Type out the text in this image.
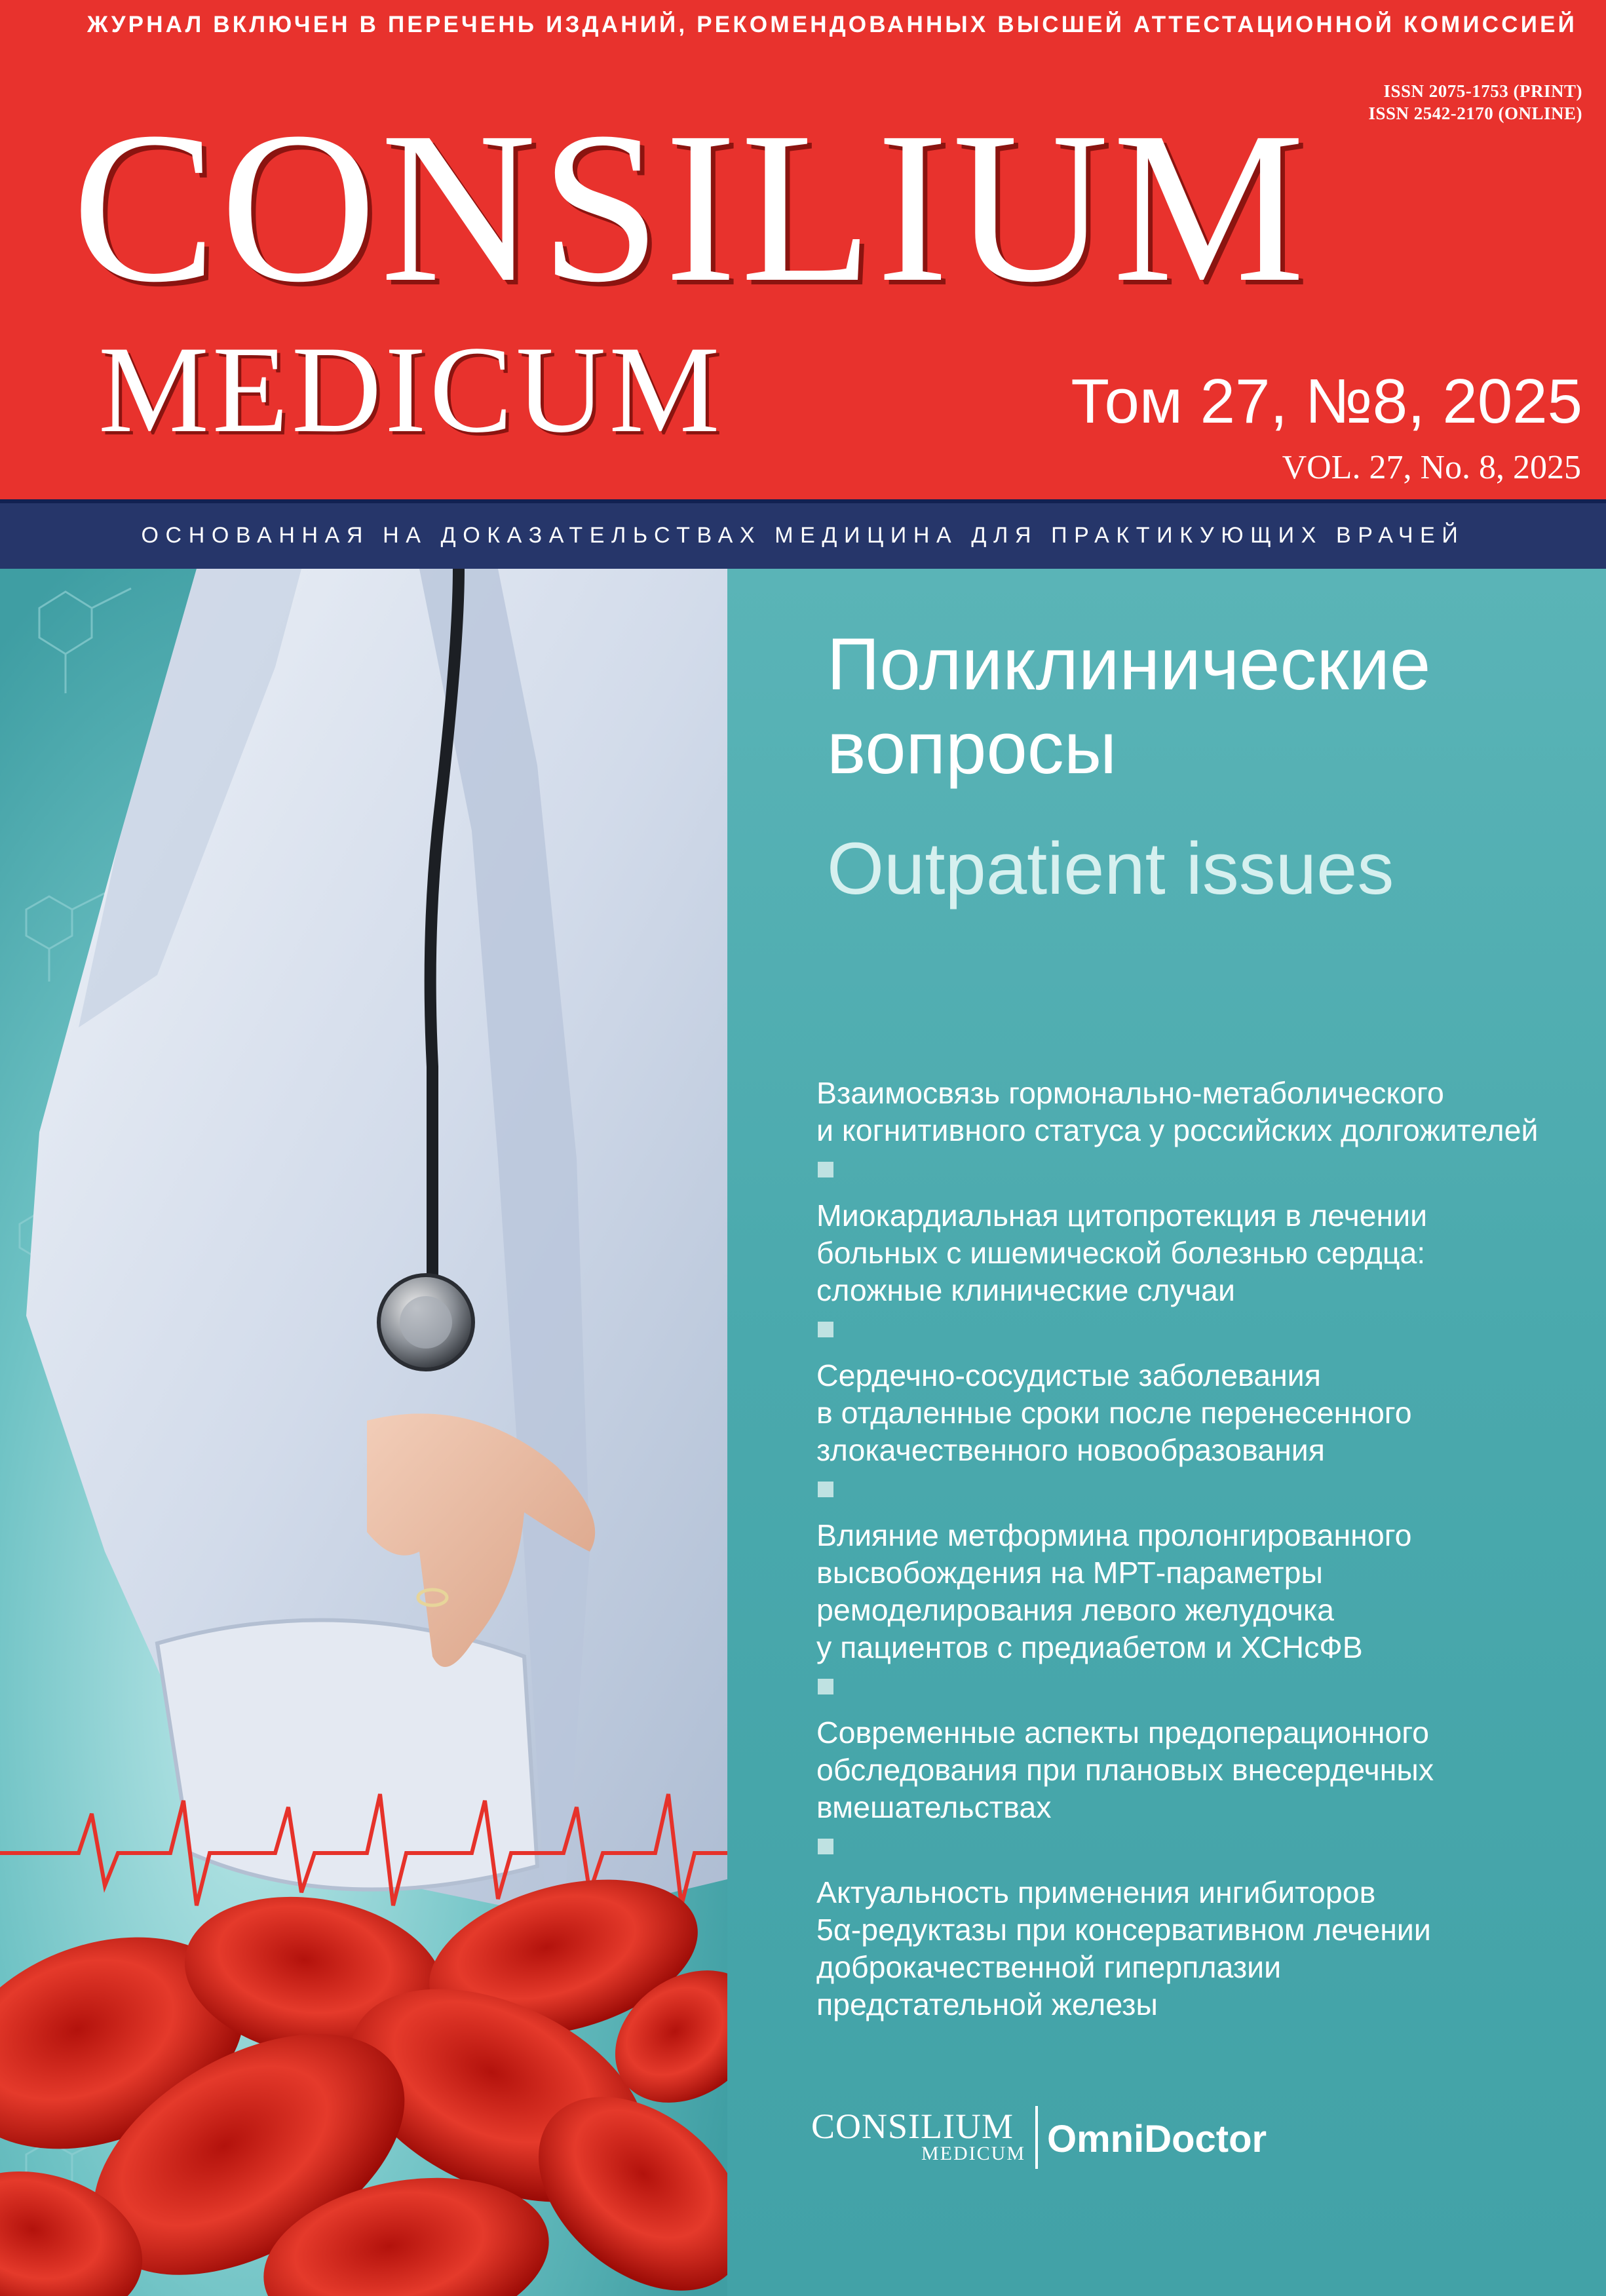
ЖУРНАЛ ВКЛЮЧЕН В ПЕРЕЧЕНЬ ИЗДАНИЙ, РЕКОМЕНДОВАННЫХ ВЫСШЕЙ АТТЕСТАЦИОННОЙ КОМИССИЕЙ
ISSN 2075-1753 (PRINT)
ISSN 2542-2170 (ONLINE)
CONSILIUM
MEDICUM	Том 27, №8, 2025
VOL. 27, No. 8, 2025
ОСНОВАННАЯ НА ДОКАЗАТЕЛЬСТВАХ МЕДИЦИНА ДЛЯ ПРАКТИКУЮЩИХ ВРАЧЕЙ
Поликлинические
вопросы
Outpatient issues
Взаимосвязь гормонально-метаболического
и когнитивного статуса у российских долгожителей
Миокардиальная цитопротекция в лечении
больных с ишемической болезнью сердца:
сложные клинические случаи
Сердечно-сосудистые заболевания
в отдаленные сроки после перенесенного
злокачественного новообразования
Влияние метформина пролонгированного
высвобождения на МРТ-параметры
ремоделирования левого желудочка
у пациентов с предиабетом и ХСНсФВ
Современные аспекты предоперационного
обследования при плановых внесердечных
вмешательствах
Актуальность применения ингибиторов
5α-редуктазы при консервативном лечении
доброкачественной гиперплазии
предстательной железы
CONSILIUM
MEDICUM OmniDoctor
